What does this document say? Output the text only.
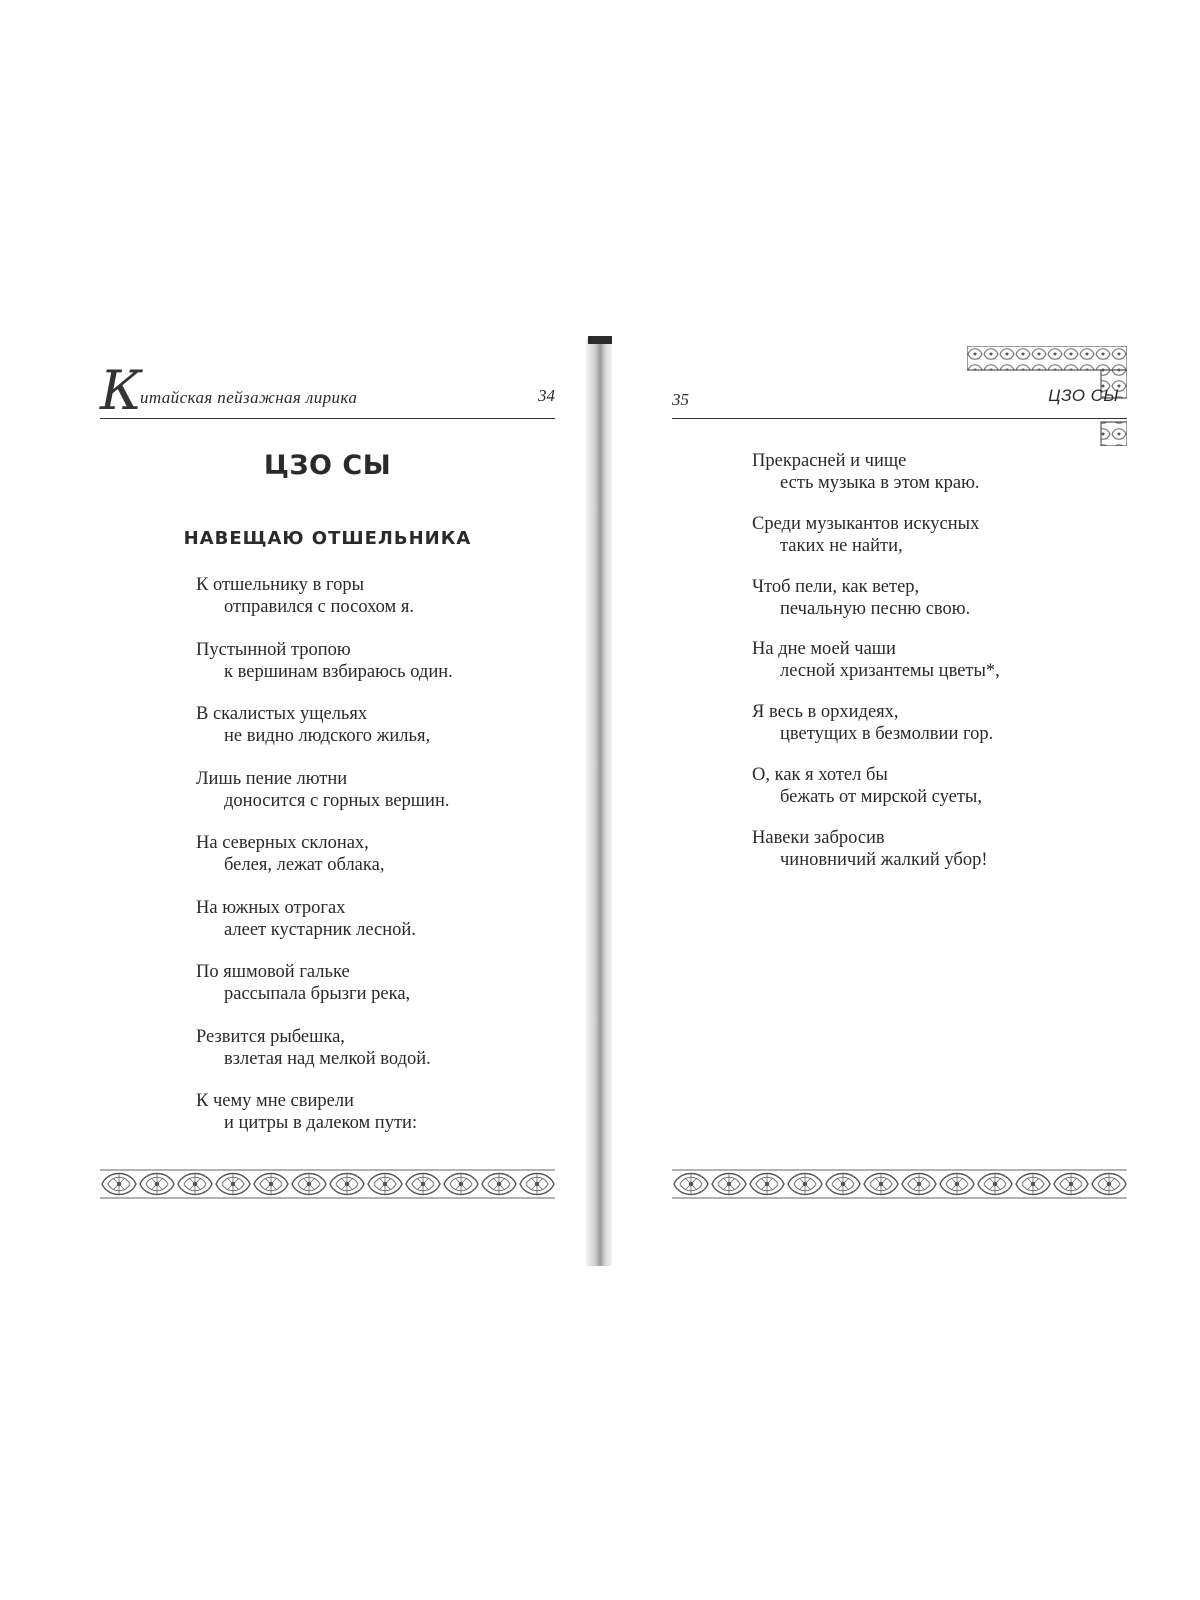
К
итайская пейзажная лирика	34
ЦЗО СЫ
НАВЕЩАЮ ОТШЕЛЬНИКА
К отшельнику в горы
отправился с посохом я.
Пустынной тропою
к вершинам взбираюсь один.
В скалистых ущельях
не видно людского жилья,
Лишь пение лютни
доносится с горных вершин.
На северных склонах,
белея, лежат облака,
На южных отрогах
алеет кустарник лесной.
По яшмовой гальке
рассыпала брызги река,
Резвится рыбешка,
взлетая над мелкой водой.
К чему мне свирели
и цитры в далеком пути:
35	ЦЗО СЫ
Прекрасней и чище
есть музыка в этом краю.
Среди музыкантов искусных
таких не найти,
Чтоб пели, как ветер,
печальную песню свою.
На дне моей чаши
лесной хризантемы цветы*,
Я весь в орхидеях,
цветущих в безмолвии гор.
О, как я хотел бы
бежать от мирской суеты,
Навеки забросив
чиновничий жалкий убор!
